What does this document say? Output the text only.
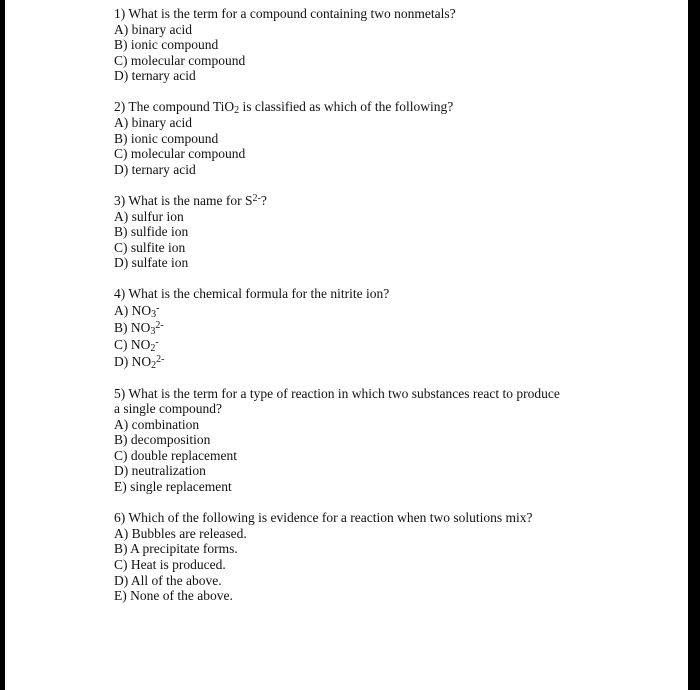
1) What is the term for a compound containing two nonmetals?
A) binary acid
B) ionic compound
C) molecular compound
D) ternary acid
2) The compound TiO$_2$ is classified as which of the following?
A) binary acid
B) ionic compound
C) molecular compound
D) ternary acid
3) What is the name for $S^{2-}$?
A) sulfur ion
B) sulfide ion
C) sulfite ion
D) sulfate ion
4) What is the chemical formula for the nitrite ion?
A) $NO_3^-$
B) $NO_3^{2-}$
C) $NO_2^-$
D) $NO_2^{2-}$
5) What is the term for a type of reaction in which two substances react to produce a single compound?
A) combination
B) decomposition
C) double replacement
D) neutralization
E) single replacement
6) Which of the following is evidence for a reaction when two solutions mix?
A) Bubbles are released.
B) A precipitate forms.
C) Heat is produced.
D) All of the above.
E) None of the above.
